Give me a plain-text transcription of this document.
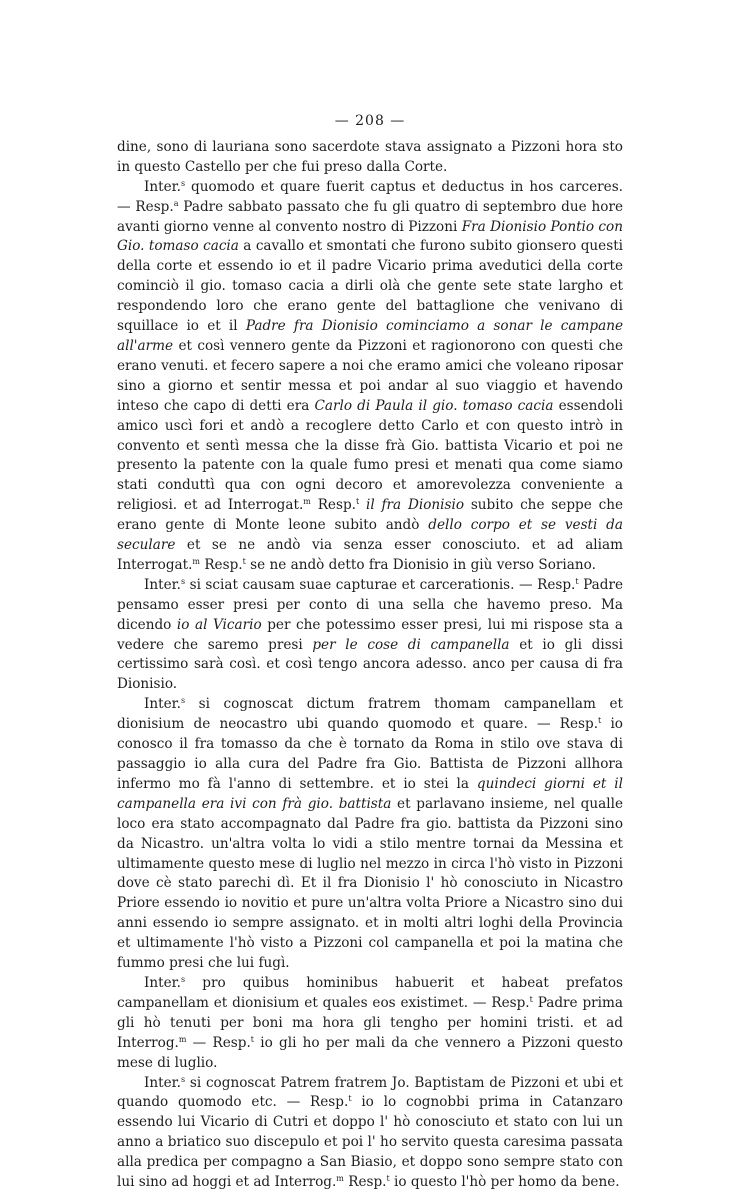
— 208 —

dine, sono di lauriana sono sacerdote stava assignato a Pizzoni hora sto in questo Castello per che fui preso dalla Corte.

Inter.$^s$ quomodo et quare fuerit captus et deductus in hos carceres. — Resp.$^a$ Padre sabbato passato che fu gli quatro di septembro due hore avanti giorno venne al convento nostro di Pizzoni Fra Dionisio Pontio con Gio. tomaso cacia a cavallo et smontati che furono subito gionsero questi della corte et essendo io et il padre Vicario prima avedutici della corte cominciò il gio. tomaso cacia a dirli olà che gente sete state largho et respondendo loro che erano gente del battaglione che venivano di squillace io et il Padre fra Dionisio cominciamo a sonar le campane all'arme et così vennero gente da Pizzoni et ragionorono con questi che erano venuti. et fecero sapere a noi che eramo amici che voleano riposar sino a giorno et sentir messa et poi andar al suo viaggio et havendo inteso che capo di detti era Carlo di Paula il gio. tomaso cacia essendoli amico uscì fori et andò a recoglere detto Carlo et con questo intrò in convento et sentì messa che la disse frà Gio. battista Vicario et poi ne presento la patente con la quale fumo presi et menati qua come siamo stati conduttì qua con ogni decoro et amorevolezza conveniente a religiosi. et ad Interrogat.$^m$ Resp.$^t$ il fra Dionisio subito che seppe che erano gente di Monte leone subito andò dello corpo et se vesti da seculare et se ne andò via senza esser conosciuto. et ad aliam Interrogat.$^m$ Resp.$^t$ se ne andò detto fra Dionisio in giù verso Soriano.

Inter.$^s$ si sciat causam suae capturae et carcerationis. — Resp.$^t$ Padre pensamo esser presi per conto di una sella che havemo preso. Ma dicendo io al Vicario per che potessimo esser presi, lui mi rispose sta a vedere che saremo presi per le cose di campanella et io gli dissi certissimo sarà così. et così tengo ancora adesso. anco per causa di fra Dionisio.

Inter.$^s$ si cognoscat dictum fratrem thomam campanellam et dionisium de neocastro ubi quando quomodo et quare. — Resp.$^t$ io conosco il fra tomasso da che è tornato da Roma in stilo ove stava di passaggio io alla cura del Padre fra Gio. Battista de Pizzoni allhora infermo mo fà l'anno di settembre. et io stei la quindeci giorni et il campanella era ivi con frà gio. battista et parlavano insieme, nel qualle loco era stato accompagnato dal Padre fra gio. battista da Pizzoni sino da Nicastro. un'altra volta lo vidi a stilo mentre tornai da Messina et ultimamente questo mese di luglio nel mezzo in circa l'hò visto in Pizzoni dove cè stato parechi dì. Et il fra Dionisio l' hò conosciuto in Nicastro Priore essendo io novitio et pure un'altra volta Priore a Nicastro sino dui anni essendo io sempre assignato. et in molti altri loghi della Provincia et ultimamente l'hò visto a Pizzoni col campanella et poi la matina che fummo presi che lui fugì.

Inter.$^s$ pro quibus hominibus habuerit et habeat prefatos campanellam et dionisium et quales eos existimet. — Resp.$^t$ Padre prima gli hò tenuti per boni ma hora gli tengho per homini tristi. et ad Interrog.$^m$ — Resp.$^t$ io gli ho per mali da che vennero a Pizzoni questo mese di luglio.

Inter.$^s$ si cognoscat Patrem fratrem Jo. Baptistam de Pizzoni et ubi et quando quomodo etc. — Resp.$^t$ io lo cognobbi prima in Catanzaro essendo lui Vicario di Cutri et doppo l' hò conosciuto et stato con lui un anno a briatico suo discepulo et poi l' ho servito questa caresima passata alla predica per compagno a San Biasio, et doppo sono sempre stato con lui sino ad hoggi et ad Interrog.$^m$ Resp.$^t$ io questo l'hò per homo da bene.
